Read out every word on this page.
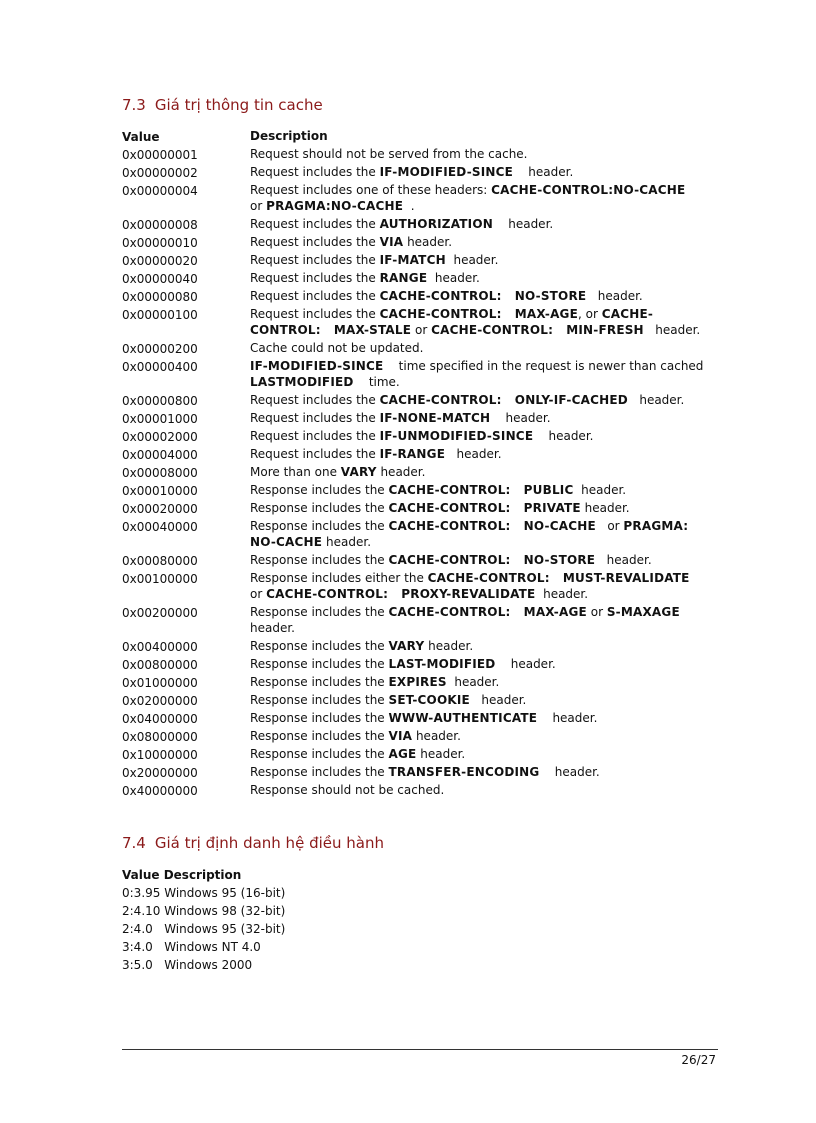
7.3 Giá trị thông tin cache
Value	Description
0x00000001	Request should not be served from the cache.
0x00000002	Request includes the IF-MODIFIED-SINCE    header.
0x00000004	Request includes one of these headers: CACHE-CONTROL:NO-CACHE    or PRAGMA:NO-CACHE  .
0x00000008	Request includes the AUTHORIZATION    header.
0x00000010	Request includes the VIA header.
0x00000020	Request includes the IF-MATCH  header.
0x00000040	Request includes the RANGE  header.
0x00000080	Request includes the CACHE-CONTROL:   NO-STORE   header.
0x00000100	Request includes the CACHE-CONTROL:   MAX-AGE, or CACHE-CONTROL:   MAX-STALE or CACHE-CONTROL:   MIN-FRESH   header.
0x00000200	Cache could not be updated.
0x00000400	IF-MODIFIED-SINCE    time specified in the request is newer than cached LASTMODIFIED    time.
0x00000800	Request includes the CACHE-CONTROL:   ONLY-IF-CACHED   header.
0x00001000	Request includes the IF-NONE-MATCH    header.
0x00002000	Request includes the IF-UNMODIFIED-SINCE    header.
0x00004000	Request includes the IF-RANGE   header.
0x00008000	More than one VARY header.
0x00010000	Response includes the CACHE-CONTROL:   PUBLIC  header.
0x00020000	Response includes the CACHE-CONTROL:   PRIVATE header.
0x00040000	Response includes the CACHE-CONTROL:   NO-CACHE   or PRAGMA:  NO-CACHE header.
0x00080000	Response includes the CACHE-CONTROL:   NO-STORE   header.
0x00100000	Response includes either the CACHE-CONTROL:   MUST-REVALIDATE   or CACHE-CONTROL:   PROXY-REVALIDATE  header.
0x00200000	Response includes the CACHE-CONTROL:   MAX-AGE or S-MAXAGE header.
0x00400000	Response includes the VARY header.
0x00800000	Response includes the LAST-MODIFIED    header.
0x01000000	Response includes the EXPIRES  header.
0x02000000	Response includes the SET-COOKIE   header.
0x04000000	Response includes the WWW-AUTHENTICATE    header.
0x08000000	Response includes the VIA header.
0x10000000	Response includes the AGE header.
0x20000000	Response includes the TRANSFER-ENCODING    header.
0x40000000	Response should not be cached.
7.4 Giá trị định danh hệ điều hành
Value Description
0:3.95 Windows 95 (16-bit)
2:4.10 Windows 98 (32-bit)
2:4.0   Windows 95 (32-bit)
3:4.0   Windows NT 4.0
3:5.0   Windows 2000
26/27
